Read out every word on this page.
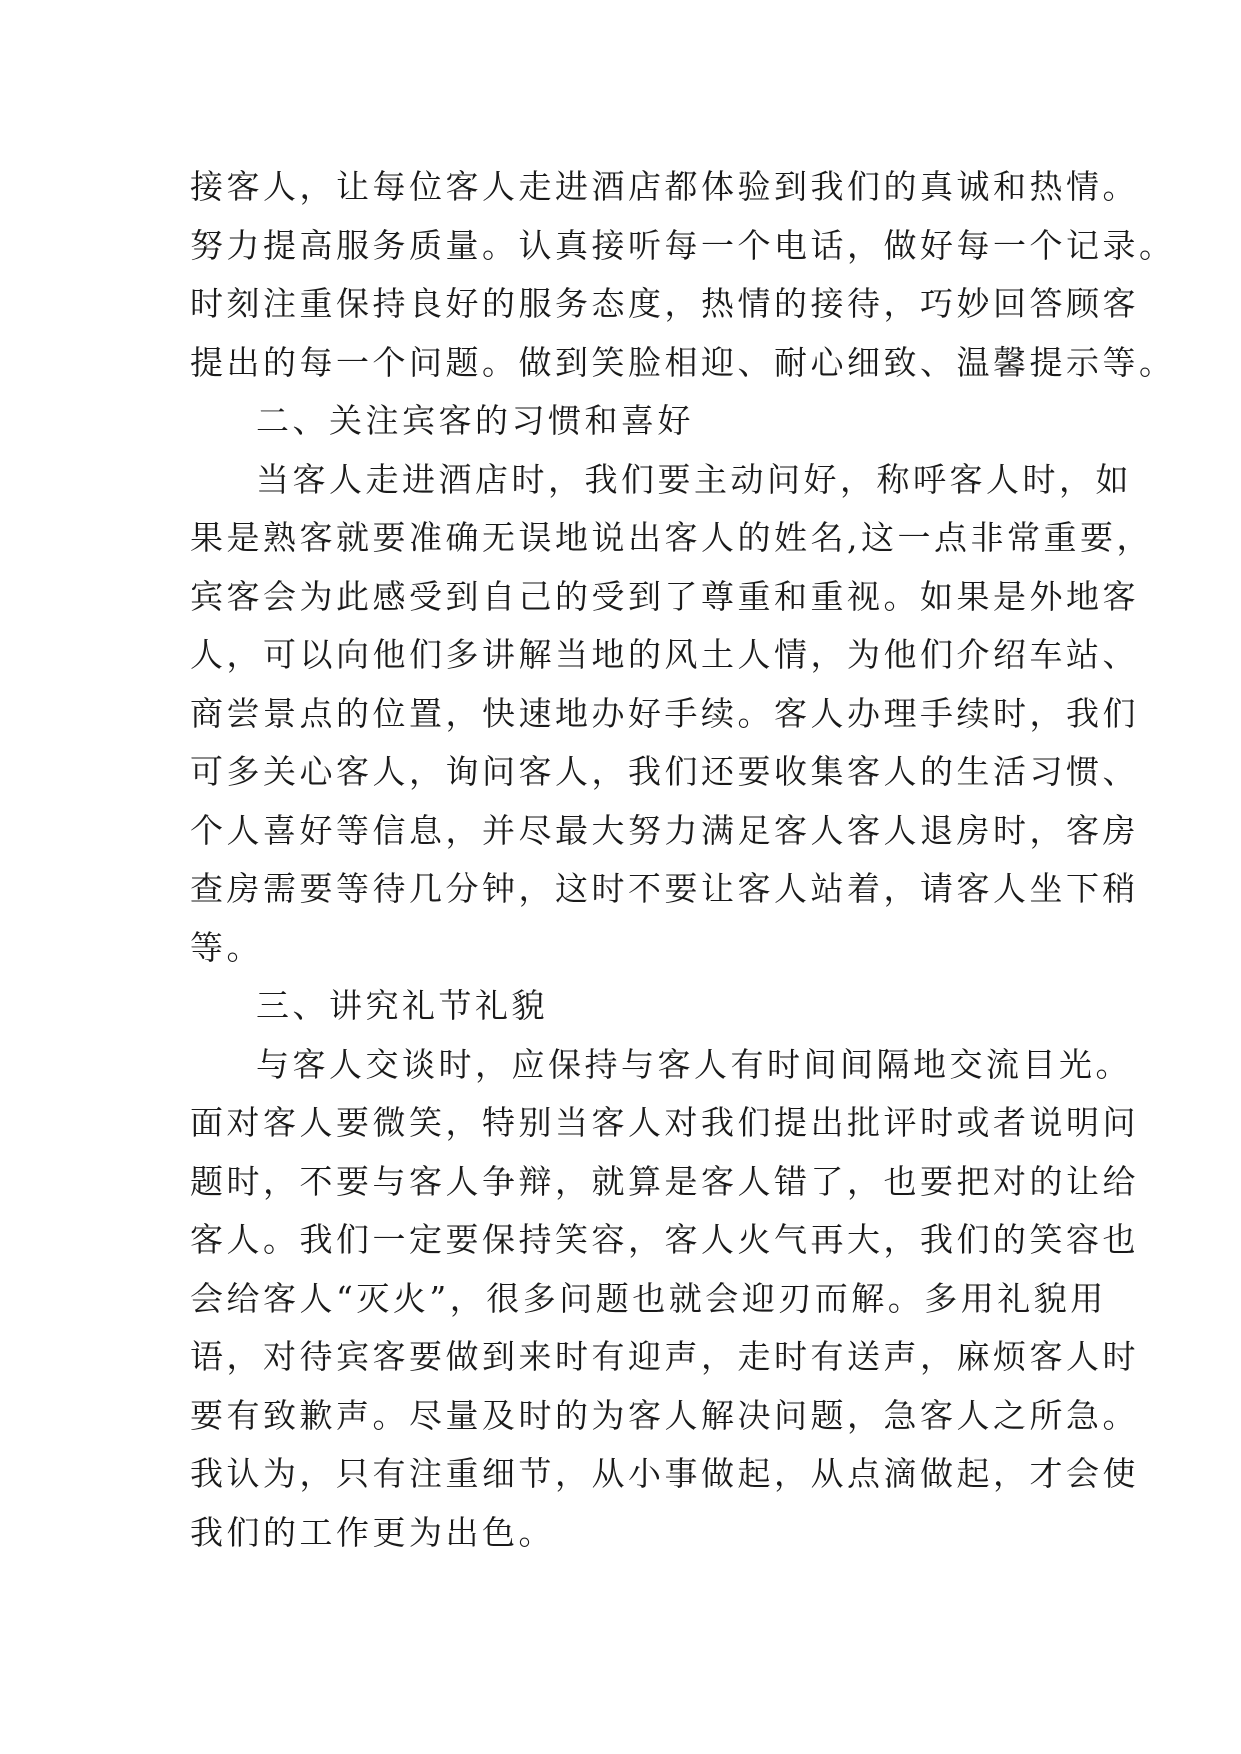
接客人，让每位客人走进酒店都体验到我们的真诚和热情。
努力提高服务质量。认真接听每一个电话，做好每一个记录。
时刻注重保持良好的服务态度，热情的接待，巧妙回答顾客
提出的每一个问题。做到笑脸相迎、耐心细致、温馨提示等。
二、关注宾客的习惯和喜好
当客人走进酒店时，我们要主动问好，称呼客人时，如
果是熟客就要准确无误地说出客人的姓名,这一点非常重要，
宾客会为此感受到自己的受到了尊重和重视。如果是外地客
人，可以向他们多讲解当地的风土人情，为他们介绍车站、
商尝景点的位置，快速地办好手续。客人办理手续时，我们
可多关心客人，询问客人，我们还要收集客人的生活习惯、
个人喜好等信息，并尽最大努力满足客人客人退房时，客房
查房需要等待几分钟，这时不要让客人站着，请客人坐下稍
等。
三、讲究礼节礼貌
与客人交谈时，应保持与客人有时间间隔地交流目光。
面对客人要微笑，特别当客人对我们提出批评时或者说明问
题时，不要与客人争辩，就算是客人错了，也要把对的让给
客人。我们一定要保持笑容，客人火气再大，我们的笑容也
会给客人“灭火”，很多问题也就会迎刃而解。多用礼貌用
语，对待宾客要做到来时有迎声，走时有送声，麻烦客人时
要有致歉声。尽量及时的为客人解决问题，急客人之所急。
我认为，只有注重细节，从小事做起，从点滴做起，才会使
我们的工作更为出色。
